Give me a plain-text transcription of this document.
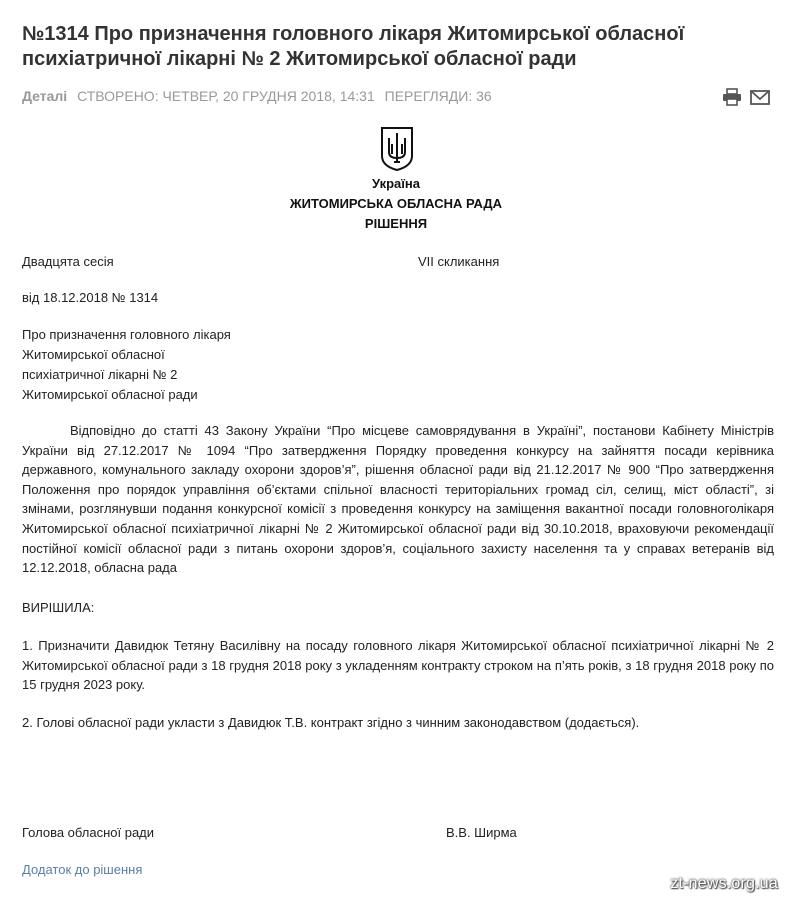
№1314 Про призначення головного лікаря Житомирської обласної психіатричної лікарні № 2 Житомирської обласної ради
Деталі СТВОРЕНО: ЧЕТВЕР, 20 ГРУДНЯ 2018, 14:31 ПЕРЕГЛЯДИ: 36
Україна
ЖИТОМИРСЬКА ОБЛАСНА РАДА
РІШЕННЯ
Двадцята сесія	VII скликання
від 18.12.2018 № 1314
Про призначення головного лікаря
Житомирської обласної
психіатричної лікарні № 2
Житомирської обласної ради

Відповідно до статті 43 Закону України “Про місцеве самоврядування в Україні”, постанови Кабінету Міністрів України від 27.12.2017 № 1094 “Про затвердження Порядку проведення конкурсу на зайняття посади керівника державного, комунального закладу охорони здоров’я”, рішення обласної ради від 21.12.2017 № 900 “Про затвердження Положення про порядок управління об’єктами спільної власності територіальних громад сіл, селищ, міст області”, зі змінами, розглянувши подання конкурсної комісії з проведення конкурсу на заміщення вакантної посади головноголікаря Житомирської обласної психіатричної лікарні № 2 Житомирської обласної ради від 30.10.2018, враховуючи рекомендації постійної комісії обласної ради з питань охорони здоров’я, соціального захисту населення та у справах ветеранів від 12.12.2018, обласна рада

ВИРІШИЛА:

1. Призначити Давидюк Тетяну Василівну на посаду головного лікаря Житомирської обласної психіатричної лікарні № 2 Житомирської обласної ради з 18 грудня 2018 року з укладенням контракту строком на п’ять років, з 18 грудня 2018 року по 15 грудня 2023 року.

2. Голові обласної ради укласти з Давидюк Т.В. контракт згідно з чинним законодавством (додається).

Голова обласної ради	В.В. Ширма
Додаток до рішення
zt-news.org.ua
